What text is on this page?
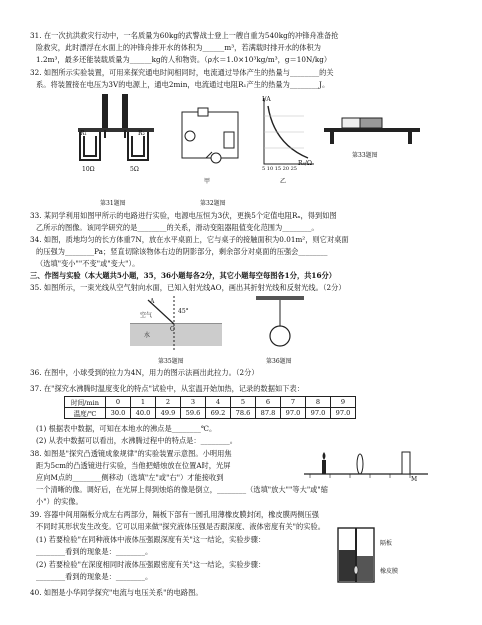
31. 在一次抗洪救灾行动中，一名质量为60kg的武警战士登上一艘自重为540kg的冲锋舟准备抢
险救灾，此时漂浮在水面上的冲锋舟排开水的体积为______m³，若满载时排开水的体积为
1.2m³，最多还能装载质量为______kg的人和物资。（ρ水＝1.0×10³kg/m³，g＝10N/kg）
32. 如图所示实验装置，可用来探究通电时间相同时，电流通过导体产生的热量与________的关
系。将装置接在电压为3V的电源上，通电2min，电流通过电阻R₁产生的热量为________J。
R₁	R₂
10Ω	5Ω
第31题图
甲
第32题图
I/A
5 10 15 20 25
R₄/Ω
乙
第33题图
33. 某同学利用如图甲所示的电路进行实验，电源电压恒为3伏，更换5个定值电阻Rₓ，得到如图
乙所示的图像。该同学研究的是________的关系，滑动变阻器阻值变化范围为________。
34. 如图，质地均匀的长方体重7N，放在水平桌面上，它与桌子的接触面积为0.01m²，则它对桌面
的压强为________Pa；竖直切除该物体右边的阴影部分，剩余部分对桌面的压强会________
（选填"变小""不变"或"变大"）。
三、作图与实验（本大题共5小题，35，36小题每各2分，其它小题每空每图各1分，共16分）
35. 如图所示，一束光线从空气射向水面，已知入射光线AO，画出其折射光线和反射光线。（2分）
A
空气
45°
O
水
第35题图	第36题图
36. 在图中，小球受到的拉力为4N，用力的图示法画出此拉力。（2分）
37. 在"探究水沸腾时温度变化的特点"试验中，从室温开始加热，记录的数据如下表：
时间/min	0	1	2	3	4	5	6	7	8	9
温度/℃	30.0	40.0	49.9	59.6	69.2	78.6	87.8	97.0	97.0	97.0
(1) 根据表中数据，可知在本地水的沸点是________℃。
(2) 从表中数据可以看出，水沸腾过程中的特点是：________。
38. 如图是"探究凸透镜成象规律"的实验装置示意图。小明用焦
距为5cm的凸透镜进行实验，当他把蜡烛放在位置A时，光屏
应向M点的________侧移动（选填"左"或"右"）才能接收到	M
一个清晰的像。调好后，在光屏上得到烛焰的像是倒立，________（选填"放大""等大"或"缩
小"）的实像。
39. 容器中间用隔板分成左右两部分，隔板下部有一圆孔用薄橡皮膜封闭，橡皮膜两侧压强
不同时其形状发生改变。它可以用来做"探究液体压强是否跟深度、液体密度有关"的实验。
(1) 若要检验"在同种液体中液体压强跟深度有关"这一结论，实验步骤：
________看到的现象是：________。
(2) 若要检验"在深度相同时液体压强跟密度有关"这一结论，实验步骤：
________看到的现象是：________。
隔板
橡皮膜
40. 如图是小华同学探究"电流与电压关系"的电路图。
